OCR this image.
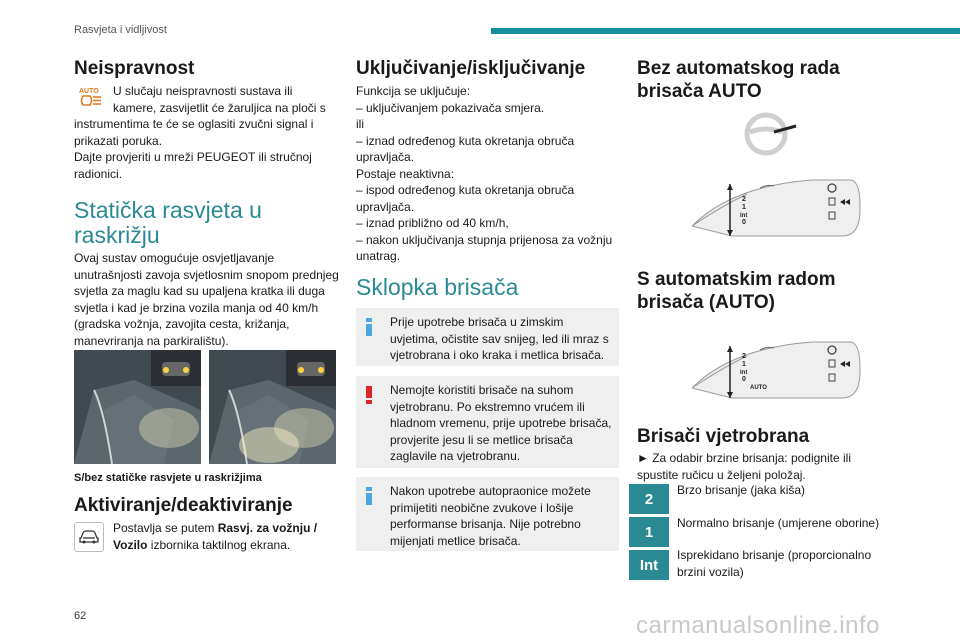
Rasvjeta i vidljivost
Neispravnost
AUTO U slučaju neispravnosti sustava ili
kamere, zasvijetlit će žaruljica na ploči s
instrumentima te će se oglasiti zvučni signal i prikazati poruka.
Dajte provjeriti u mreži PEUGEOT ili stručnoj radionici.
Statička rasvjeta u raskrižju
Ovaj sustav omogućuje osvjetljavanje unutrašnjosti zavoja svjetlosnim snopom prednjeg svjetla za maglu kad su upaljena kratka ili duga svjetla i kad je brzina vozila manja od 40 km/h (gradska vožnja, zavojita cesta, križanja, manevriranja na parkiralištu).
S/bez statičke rasvjete u raskrižjima
Aktiviranje/deaktiviranje
Postavlja se putem Rasvj. za vožnju /
Vozilo izbornika taktilnog ekrana.
Uključivanje/isključivanje
Funkcija se uključuje:
– uključivanjem pokazivača smjera.
ili
– iznad određenog kuta okretanja obruča upravljača.
Postaje neaktivna:
– ispod određenog kuta okretanja obruča upravljača.
– iznad približno od 40 km/h,
– nakon uključivanja stupnja prijenosa za vožnju unatrag.
Sklopka brisača
Prije upotrebe brisača u zimskim uvjetima, očistite sav snijeg, led ili mraz s vjetrobrana i oko kraka i metlica brisača.
Nemojte koristiti brisače na suhom vjetrobranu. Po ekstremno vrućem ili hladnom vremenu, prije upotrebe brisača, provjerite jesu li se metlice brisača zaglavile na vjetrobranu.
Nakon upotrebe autopraonice možete primijetiti neobične zvukove i lošije performanse brisanja. Nije potrebno mijenjati metlice brisača.
Bez automatskog rada brisača AUTO
2
1
Int
0
S automatskim radom brisača (AUTO)
2
1
Int
0
AUTO
Brisači vjetrobrana
► Za odabir brzine brisanja: podignite ili spustite ručicu u željeni položaj.
2
Brzo brisanje (jaka kiša)
1
Normalno brisanje (umjerene oborine)
Int
Isprekidano brisanje (proporcionalno brzini vozila)
62	carmanualsonline.info
